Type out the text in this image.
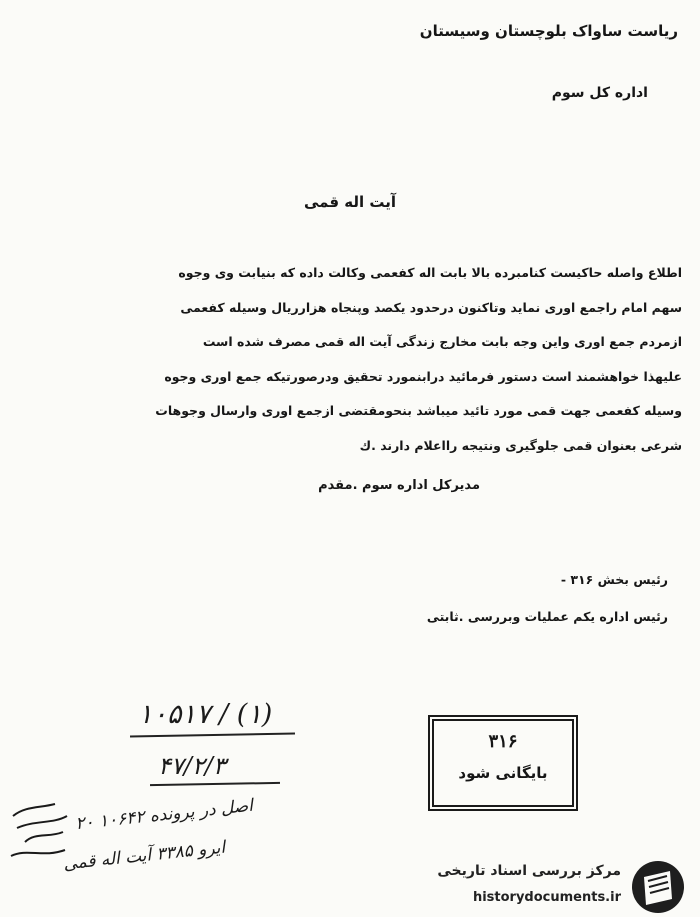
ریاست ساواک بلوچستان وسیستان
اداره کل سوم
آیت اله قمی
اطلاع واصله حاکیست کنامبرده بالا بابت اله کفعمی وکالت داده که بنیابت وی وجوه
سهم امام راجمع اوری نماید وتاکنون درحدود یکصد وپنجاه هزارریال وسیله کفعمی
ازمردم جمع اوری واین وجه بابت مخارج زندگی آیت اله قمی مصرف شده است
علیهذا خواهشمند است دستور فرمائید درابنمورد تحقیق ودرصورتیکه جمع اوری وجوه
وسیله کفعمی جهت قمی مورد تائید میباشد بنحومقتضی ازجمع اوری وارسال وجوهات
شرعی بعنوان قمی جلوگیری ونتیجه رااعلام دارند .ك
مدیرکل اداره سوم .مقدم
رئیس بخش ۳۱۶ -
رئیس اداره یکم عملیات وبررسی .ثابتی
۱۰۵۱۷ / (۱)
۴۷/۲/۳
اصل در پرونده ۱۰۶۴۲ ۲۰
ایرو ۳۳۸۵ آیت اله قمی
۳۱۶
بایگانی شود
مرکز بررسی اسناد تاریخی
historydocuments.ir
